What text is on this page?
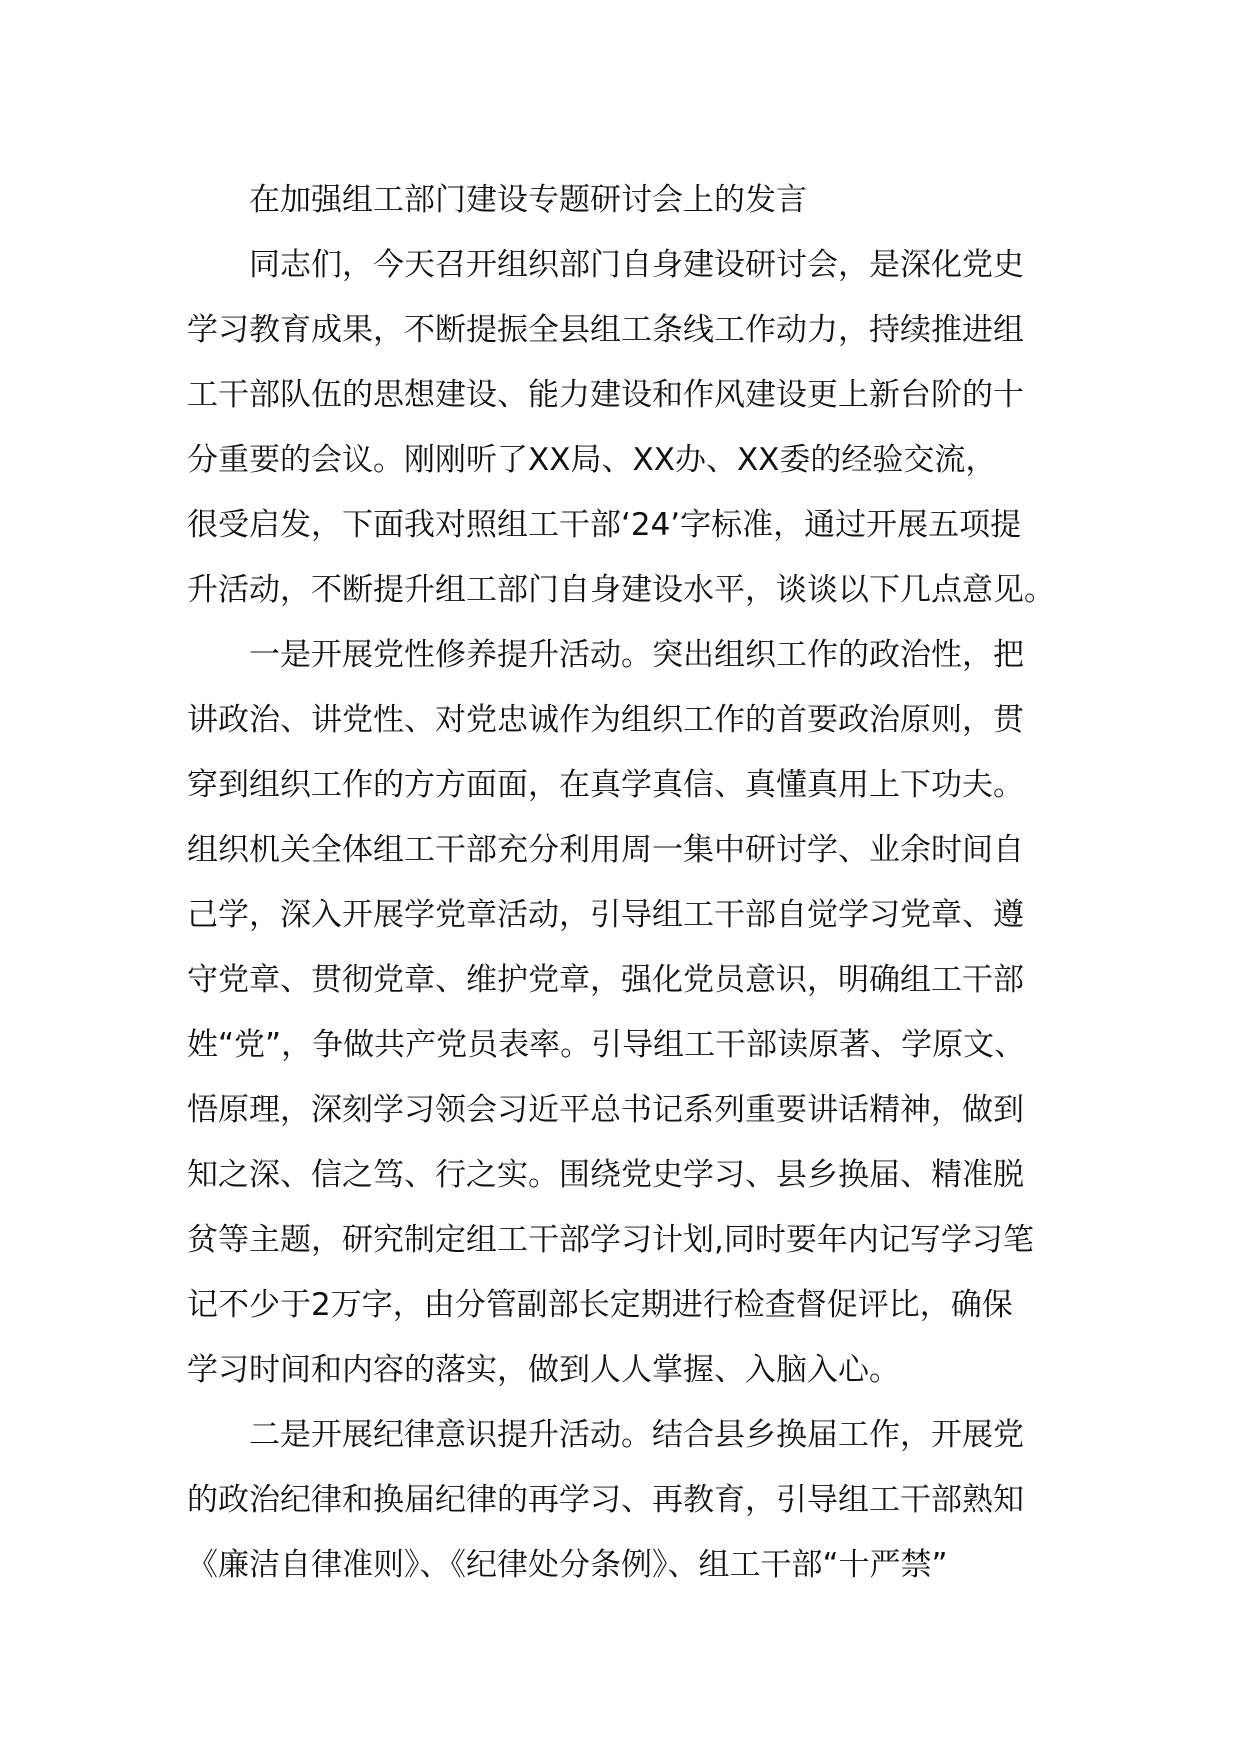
在加强组工部门建设专题研讨会上的发言
同志们，今天召开组织部门自身建设研讨会，是深化党史
学习教育成果，不断提振全县组工条线工作动力，持续推进组
工干部队伍的思想建设、能力建设和作风建设更上新台阶的十
分重要的会议。刚刚听了XX局、XX办、XX委的经验交流，
很受启发，下面我对照组工干部‘24’字标准，通过开展五项提
升活动，不断提升组工部门自身建设水平，谈谈以下几点意见。
一是开展党性修养提升活动。突出组织工作的政治性，把
讲政治、讲党性、对党忠诚作为组织工作的首要政治原则，贯
穿到组织工作的方方面面，在真学真信、真懂真用上下功夫。
组织机关全体组工干部充分利用周一集中研讨学、业余时间自
己学，深入开展学党章活动，引导组工干部自觉学习党章、遵
守党章、贯彻党章、维护党章，强化党员意识，明确组工干部
姓“党”，争做共产党员表率。引导组工干部读原著、学原文、
悟原理，深刻学习领会习近平总书记系列重要讲话精神，做到
知之深、信之笃、行之实。围绕党史学习、县乡换届、精准脱
贫等主题，研究制定组工干部学习计划,同时要年内记写学习笔
记不少于2万字，由分管副部长定期进行检查督促评比，确保
学习时间和内容的落实，做到人人掌握、入脑入心。
二是开展纪律意识提升活动。结合县乡换届工作，开展党
的政治纪律和换届纪律的再学习、再教育，引导组工干部熟知
《廉洁自律准则》、《纪律处分条例》、组工干部“十严禁”
